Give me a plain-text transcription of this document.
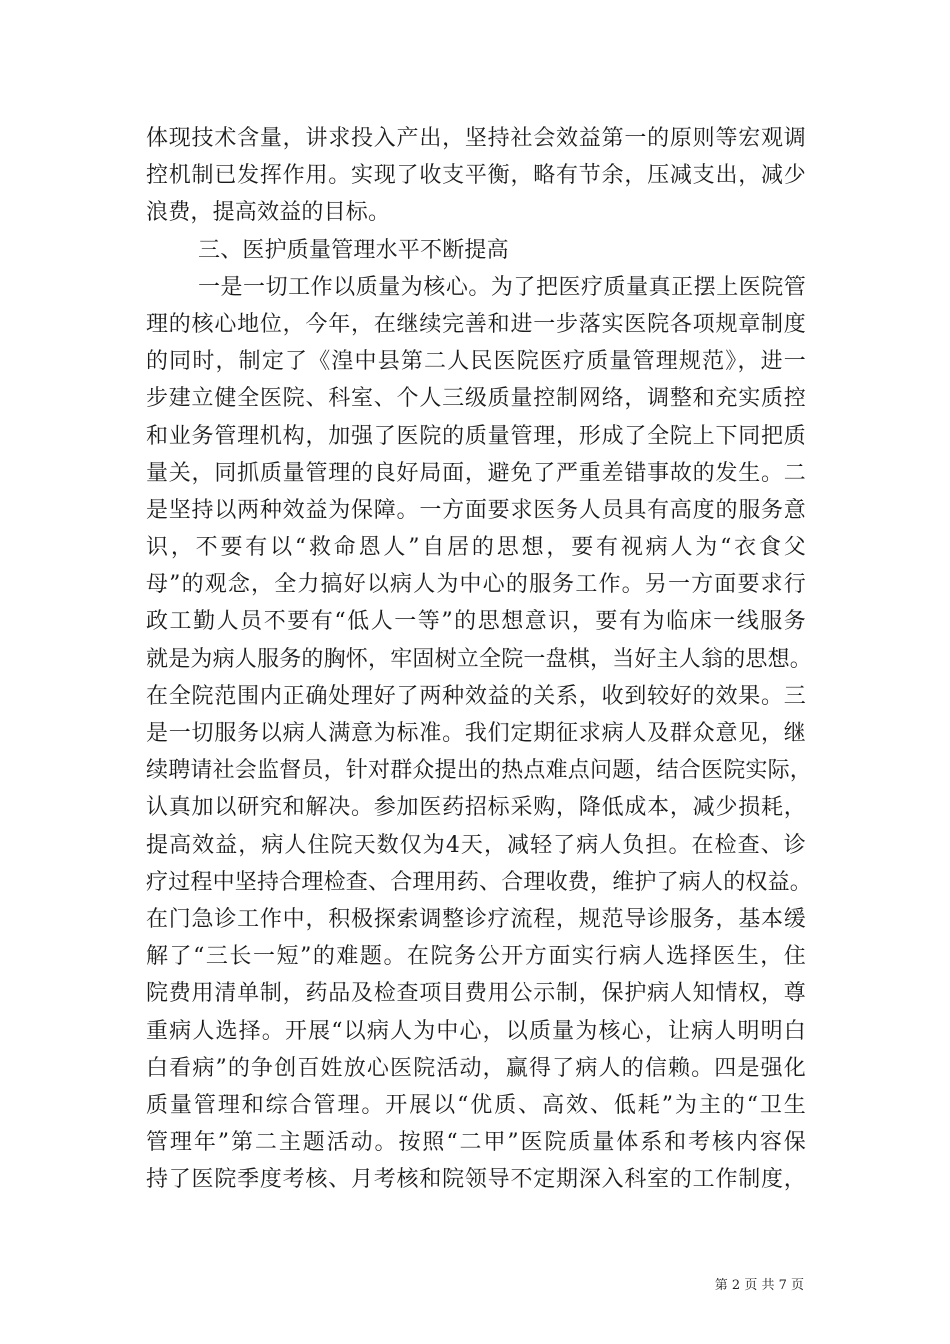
体现技术含量，讲求投入产出，坚持社会效益第一的原则等宏观调
控机制已发挥作用。实现了收支平衡，略有节余，压减支出，减少
浪费，提高效益的目标。
三、医护质量管理水平不断提高
一是一切工作以质量为核心。为了把医疗质量真正摆上医院管
理的核心地位，今年，在继续完善和进一步落实医院各项规章制度
的同时，制定了《湟中县第二人民医院医疗质量管理规范》，进一
步建立健全医院、科室、个人三级质量控制网络，调整和充实质控
和业务管理机构，加强了医院的质量管理，形成了全院上下同把质
量关，同抓质量管理的良好局面，避免了严重差错事故的发生。二
是坚持以两种效益为保障。一方面要求医务人员具有高度的服务意
识，不要有以“救命恩人”自居的思想，要有视病人为“衣食父
母”的观念，全力搞好以病人为中心的服务工作。另一方面要求行
政工勤人员不要有“低人一等”的思想意识，要有为临床一线服务
就是为病人服务的胸怀，牢固树立全院一盘棋，当好主人翁的思想。
在全院范围内正确处理好了两种效益的关系，收到较好的效果。三
是一切服务以病人满意为标准。我们定期征求病人及群众意见，继
续聘请社会监督员，针对群众提出的热点难点问题，结合医院实际，
认真加以研究和解决。参加医药招标采购，降低成本，减少损耗，
提高效益，病人住院天数仅为4天，减轻了病人负担。在检查、诊
疗过程中坚持合理检查、合理用药、合理收费，维护了病人的权益。
在门急诊工作中，积极探索调整诊疗流程，规范导诊服务，基本缓
解了“三长一短”的难题。在院务公开方面实行病人选择医生，住
院费用清单制，药品及检查项目费用公示制，保护病人知情权，尊
重病人选择。开展“以病人为中心，以质量为核心，让病人明明白
白看病”的争创百姓放心医院活动，赢得了病人的信赖。四是强化
质量管理和综合管理。开展以“优质、高效、低耗”为主的“卫生
管理年”第二主题活动。按照“二甲”医院质量体系和考核内容保
持了医院季度考核、月考核和院领导不定期深入科室的工作制度，
第 2 页 共 7 页
